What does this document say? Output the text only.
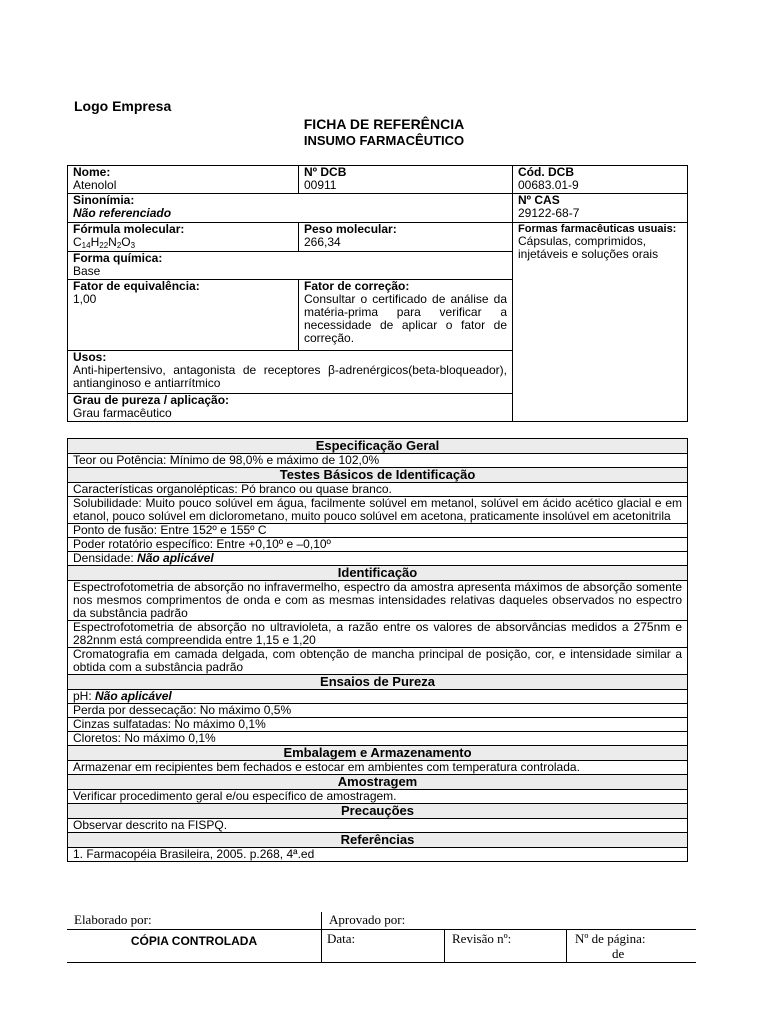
Logo Empresa
FICHA DE REFERÊNCIA
INSUMO FARMACÊUTICO
Nome:
Atenolol
Nº DCB
00911
Cód. DCB
00683.01-9
Sinonímia:
Não referenciado
Nº CAS
29122-68-7
Fórmula molecular:
$C_{14}H_{22}N_2O_3$
Peso molecular:
266,34
Formas farmacêuticas usuais:
Cápsulas, comprimidos, injetáveis e soluções orais
Forma química:
Base
Fator de equivalência:
1,00
Fator de correção:
Consultar o certificado de análise da matéria-prima para verificar a necessidade de aplicar o fator de correção.
Usos:
Anti-hipertensivo, antagonista de receptores β-adrenérgicos(beta-bloqueador), antianginoso e antiarrítmico
Grau de pureza / aplicação:
Grau farmacêutico
Especificação Geral
Teor ou Potência: Mínimo de 98,0% e máximo de 102,0%
Testes Básicos de Identificação
Características organolépticas: Pó branco ou quase branco.
Solubilidade: Muito pouco solúvel em água, facilmente solúvel em metanol, solúvel em ácido acético glacial e em etanol, pouco solúvel em diclorometano, muito pouco solúvel em acetona, praticamente insolúvel em acetonitrila
Ponto de fusão: Entre 152º e 155º C
Poder rotatório específico: Entre +0,10º e –0,10º
Densidade: Não aplicável
Identificação
Espectrofotometria de absorção no infravermelho, espectro da amostra apresenta máximos de absorção somente nos mesmos comprimentos de onda e com as mesmas intensidades relativas daqueles observados no espectro da substância padrão
Espectrofotometria de absorção no ultravioleta, a razão entre os valores de absorvâncias medidos a 275nm e 282nnm está compreendida entre 1,15 e 1,20
Cromatografia em camada delgada, com obtenção de mancha principal de posição, cor, e intensidade similar a obtida com a substância padrão
Ensaios de Pureza
pH: Não aplicável
Perda por dessecação: No máximo 0,5%
Cinzas sulfatadas: No máximo 0,1%
Cloretos: No máximo 0,1%
Embalagem e Armazenamento
Armazenar em recipientes bem fechados e estocar em ambientes com temperatura controlada.
Amostragem
Verificar procedimento geral e/ou específico de amostragem.
Precauções
Observar descrito na FISPQ.
Referências
1. Farmacopéia Brasileira, 2005. p.268, 4ª.ed
Elaborado por:	Aprovado por:
CÓPIA CONTROLADA	Data:	Revisão nº:	Nº de página:
de
